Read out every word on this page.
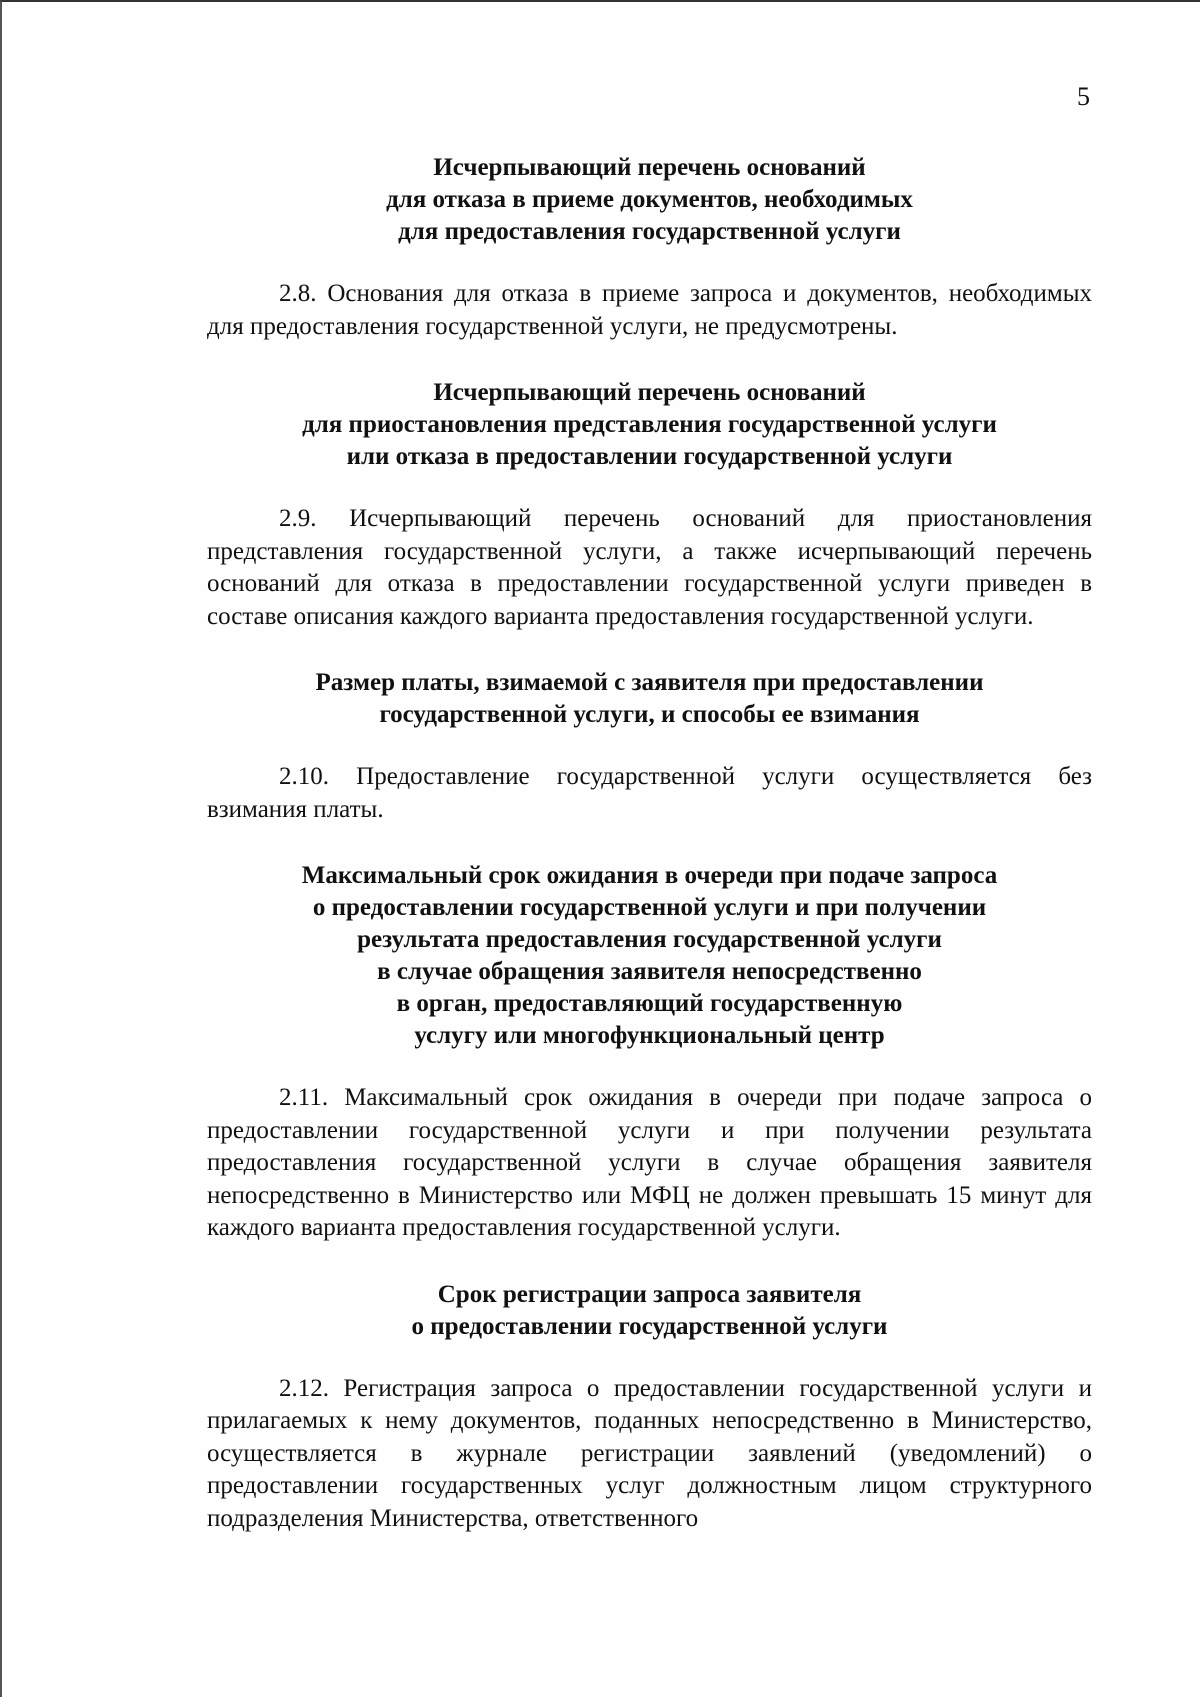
5
Исчерпывающий перечень оснований
для отказа в приеме документов, необходимых
для предоставления государственной услуги

2.8. Основания для отказа в приеме запроса и документов, необходимых для предоставления государственной услуги, не предусмотрены.

Исчерпывающий перечень оснований
для приостановления представления государственной услуги
или отказа в предоставлении государственной услуги

2.9. Исчерпывающий перечень оснований для приостановления представления государственной услуги, а также исчерпывающий перечень оснований для отказа в предоставлении государственной услуги приведен в составе описания каждого варианта предоставления государственной услуги.

Размер платы, взимаемой с заявителя при предоставлении
государственной услуги, и способы ее взимания

2.10. Предоставление государственной услуги осуществляется без взимания платы.

Максимальный срок ожидания в очереди при подаче запроса
о предоставлении государственной услуги и при получении
результата предоставления государственной услуги
в случае обращения заявителя непосредственно
в орган, предоставляющий государственную
услугу или многофункциональный центр

2.11. Максимальный срок ожидания в очереди при подаче запроса о предоставлении государственной услуги и при получении результата предоставления государственной услуги в случае обращения заявителя непосредственно в Министерство или МФЦ не должен превышать 15 минут для каждого варианта предоставления государственной услуги.

Срок регистрации запроса заявителя
о предоставлении государственной услуги

2.12. Регистрация запроса о предоставлении государственной услуги и прилагаемых к нему документов, поданных непосредственно в Министерство, осуществляется в журнале регистрации заявлений (уведомлений) о предоставлении государственных услуг должностным лицом структурного подразделения Министерства, ответственного
